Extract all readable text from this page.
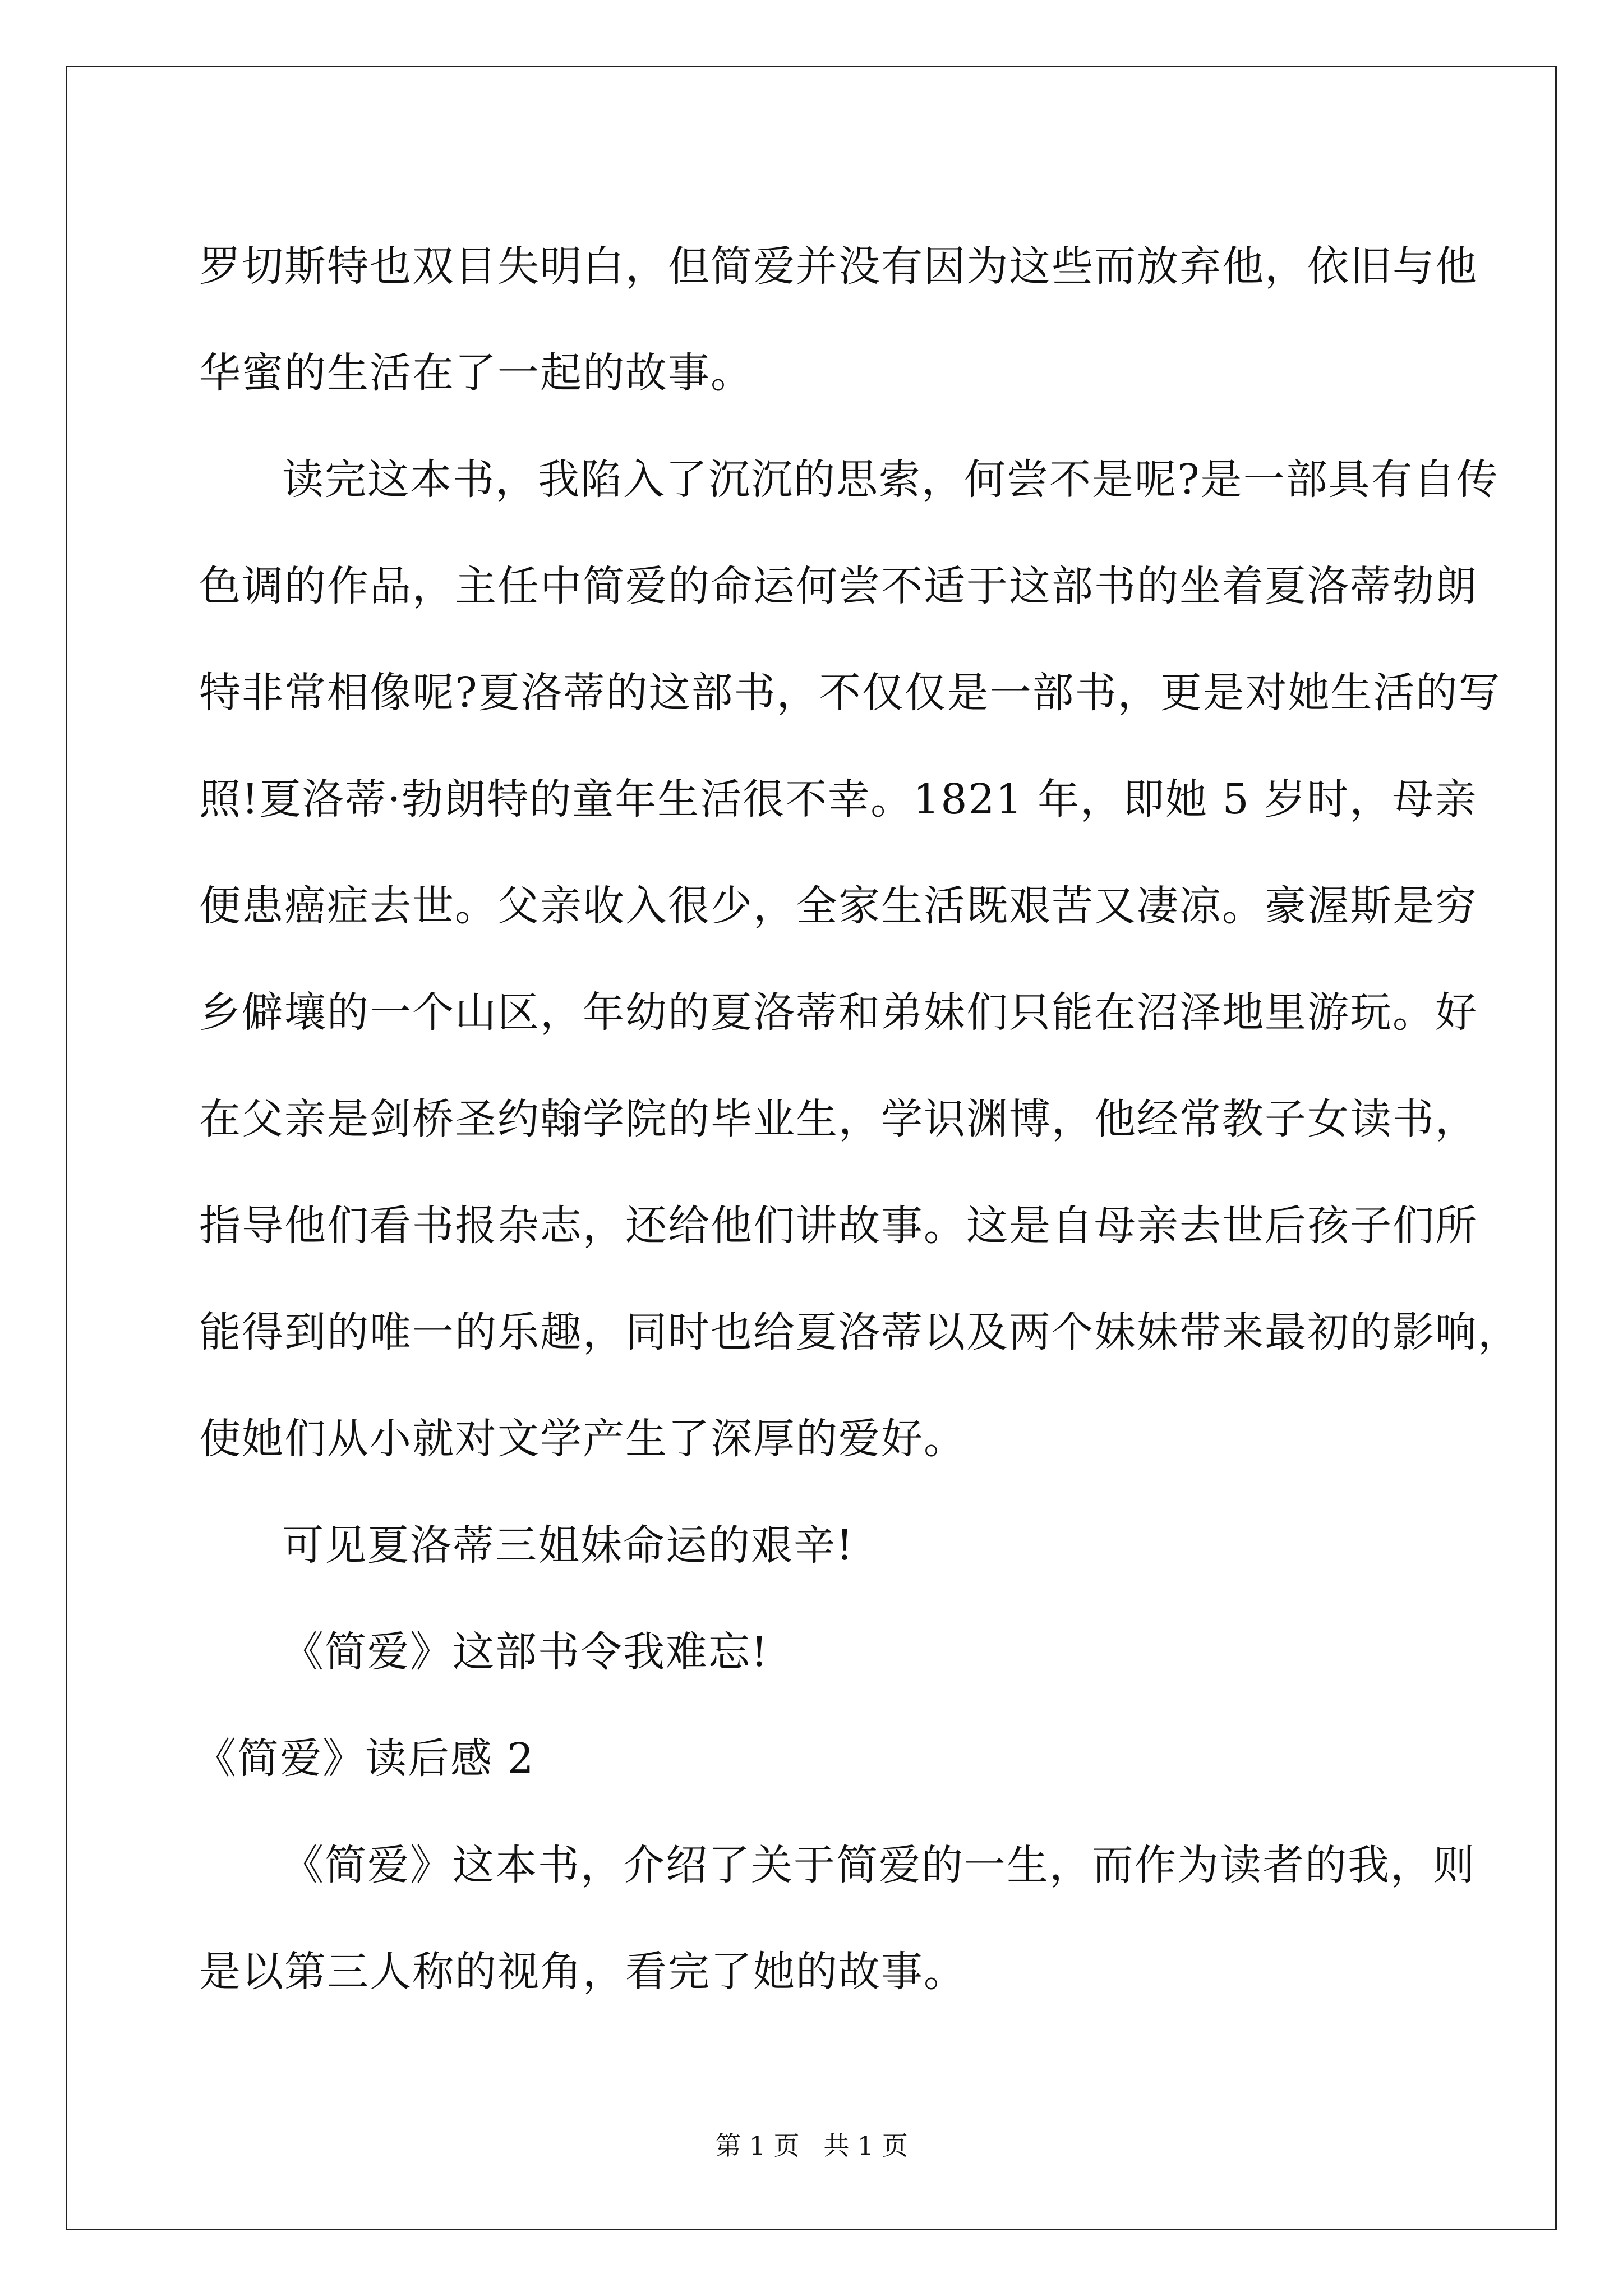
罗切斯特也双目失明白，但简爱并没有因为这些而放弃他，依旧与他
华蜜的生活在了一起的故事。
读完这本书，我陷入了沉沉的思索，何尝不是呢?是一部具有自传
色调的作品，主任中简爱的命运何尝不适于这部书的坐着夏洛蒂勃朗
特非常相像呢?夏洛蒂的这部书，不仅仅是一部书，更是对她生活的写
照!夏洛蒂·勃朗特的童年生活很不幸。1821 年，即她 5 岁时，母亲
便患癌症去世。父亲收入很少，全家生活既艰苦又凄凉。豪渥斯是穷
乡僻壤的一个山区，年幼的夏洛蒂和弟妹们只能在沼泽地里游玩。好
在父亲是剑桥圣约翰学院的毕业生，学识渊博，他经常教子女读书，
指导他们看书报杂志，还给他们讲故事。这是自母亲去世后孩子们所
能得到的唯一的乐趣，同时也给夏洛蒂以及两个妹妹带来最初的影响，
使她们从小就对文学产生了深厚的爱好。
可见夏洛蒂三姐妹命运的艰辛!
《简爱》这部书令我难忘!
《简爱》读后感 2
《简爱》这本书，介绍了关于简爱的一生，而作为读者的我，则
是以第三人称的视角，看完了她的故事。
第 1 页 共 1 页
